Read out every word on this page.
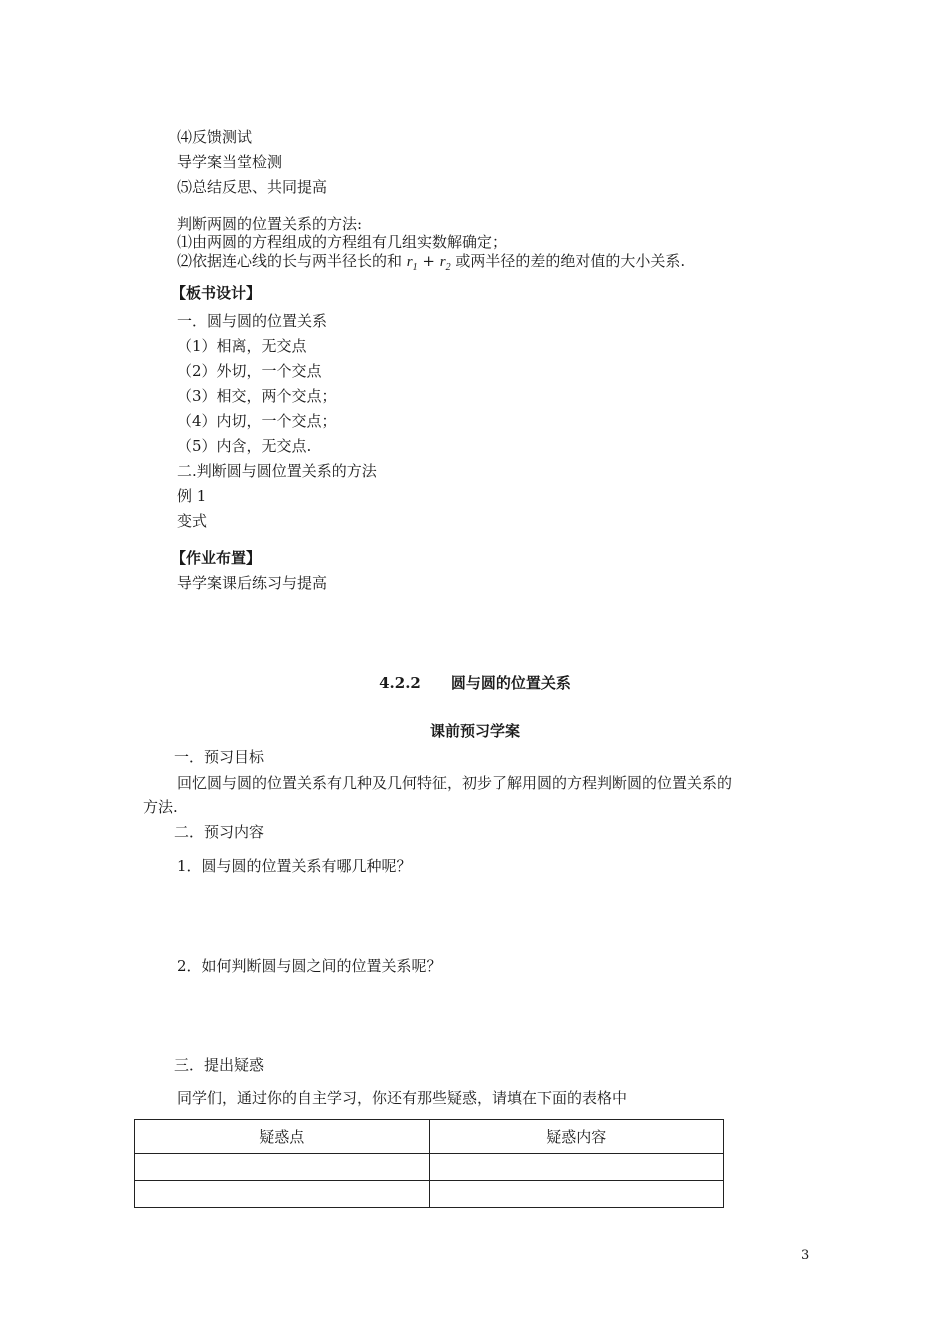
⑷反馈测试
导学案当堂检测
⑸总结反思、共同提高
判断两圆的位置关系的方法:
⑴由两圆的方程组成的方程组有几组实数解确定；
⑵依据连心线的长与两半径长的和 $r_1 + r_2$ 或两半径的差的绝对值的大小关系.
【板书设计】
一．圆与圆的位置关系
（1）相离，无交点
（2）外切，一个交点
（3）相交，两个交点；
（4）内切，一个交点；
（5）内含，无交点.
二.判断圆与圆位置关系的方法
例 1
变式
【作业布置】
导学案课后练习与提高
4.2.2　　圆与圆的位置关系
课前预习学案
一．预习目标
回忆圆与圆的位置关系有几种及几何特征，初步了解用圆的方程判断圆的位置关系的
方法.
二．预习内容
1．圆与圆的位置关系有哪几种呢？
2．如何判断圆与圆之间的位置关系呢？
三．提出疑惑
同学们，通过你的自主学习，你还有那些疑惑，请填在下面的表格中
疑惑点	疑惑内容

3
